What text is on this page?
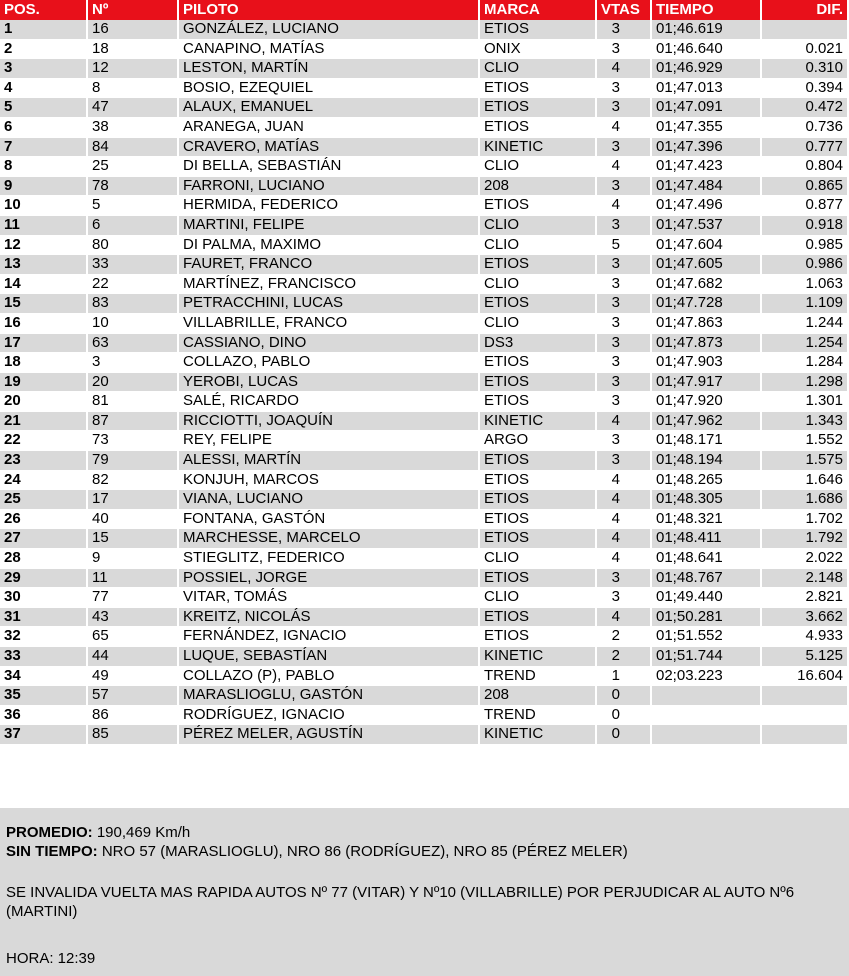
POS.	Nº	PILOTO	MARCA	VTAS	TIEMPO	DIF.
1	16	GONZÁLEZ, LUCIANO	ETIOS	3	01;46.619	
2	18	CANAPINO, MATÍAS	ONIX	3	01;46.640	0.021
3	12	LESTON, MARTÍN	CLIO	4	01;46.929	0.310
4	8	BOSIO, EZEQUIEL	ETIOS	3	01;47.013	0.394
5	47	ALAUX, EMANUEL	ETIOS	3	01;47.091	0.472
6	38	ARANEGA, JUAN	ETIOS	4	01;47.355	0.736
7	84	CRAVERO, MATÍAS	KINETIC	3	01;47.396	0.777
8	25	DI BELLA, SEBASTIÁN	CLIO	4	01;47.423	0.804
9	78	FARRONI, LUCIANO	208	3	01;47.484	0.865
10	5	HERMIDA, FEDERICO	ETIOS	4	01;47.496	0.877
11	6	MARTINI, FELIPE	CLIO	3	01;47.537	0.918
12	80	DI PALMA, MAXIMO	CLIO	5	01;47.604	0.985
13	33	FAURET, FRANCO	ETIOS	3	01;47.605	0.986
14	22	MARTÍNEZ, FRANCISCO	CLIO	3	01;47.682	1.063
15	83	PETRACCHINI, LUCAS	ETIOS	3	01;47.728	1.109
16	10	VILLABRILLE, FRANCO	CLIO	3	01;47.863	1.244
17	63	CASSIANO, DINO	DS3	3	01;47.873	1.254
18	3	COLLAZO, PABLO	ETIOS	3	01;47.903	1.284
19	20	YEROBI, LUCAS	ETIOS	3	01;47.917	1.298
20	81	SALÉ, RICARDO	ETIOS	3	01;47.920	1.301
21	87	RICCIOTTI, JOAQUÍN	KINETIC	4	01;47.962	1.343
22	73	REY, FELIPE	ARGO	3	01;48.171	1.552
23	79	ALESSI, MARTÍN	ETIOS	3	01;48.194	1.575
24	82	KONJUH, MARCOS	ETIOS	4	01;48.265	1.646
25	17	VIANA, LUCIANO	ETIOS	4	01;48.305	1.686
26	40	FONTANA, GASTÓN	ETIOS	4	01;48.321	1.702
27	15	MARCHESSE, MARCELO	ETIOS	4	01;48.411	1.792
28	9	STIEGLITZ, FEDERICO	CLIO	4	01;48.641	2.022
29	11	POSSIEL, JORGE	ETIOS	3	01;48.767	2.148
30	77	VITAR, TOMÁS	CLIO	3	01;49.440	2.821
31	43	KREITZ, NICOLÁS	ETIOS	4	01;50.281	3.662
32	65	FERNÁNDEZ, IGNACIO	ETIOS	2	01;51.552	4.933
33	44	LUQUE, SEBASTÍAN	KINETIC	2	01;51.744	5.125
34	49	COLLAZO (P), PABLO	TREND	1	02;03.223	16.604
35	57	MARASLIOGLU, GASTÓN	208	0		
36	86	RODRÍGUEZ, IGNACIO	TREND	0		
37	85	PÉREZ MELER, AGUSTÍN	KINETIC	0		

PROMEDIO: 190,469 Km/h

SIN TIEMPO: NRO 57 (MARASLIOGLU), NRO 86 (RODRÍGUEZ), NRO 85 (PÉREZ MELER)

SE INVALIDA VUELTA MAS RAPIDA AUTOS Nº 77 (VITAR) Y Nº10 (VILLABRILLE) POR PERJUDICAR AL AUTO Nº6 (MARTINI)

HORA: 12:39
